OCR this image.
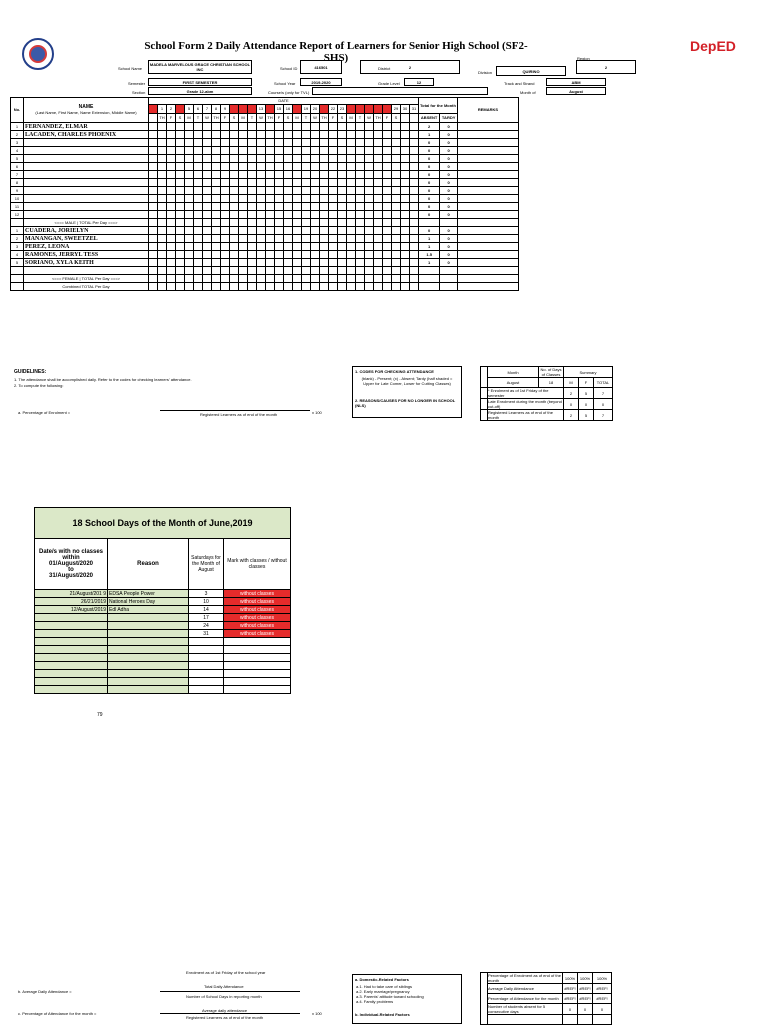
School Form 2 Daily Attendance Report of Learners for Senior High School (SF2-SHS)
DepED
School Name
MADELA MARVELOUS GRACE CHRISTIAN SCHOOL INC	School ID	416501	District	2
Division	QUIRINO
Region
2
Semester	FIRST SEMESTER	School Year	2019-2020	Grade Level	12	Track and Strand	ABM
Section	Grade 12-abm	Course/s (only for TVL)	Month of	August
No.	NAME
(Last Name, First Name, Name Extension, Middle Name)	DATE																														Total for the Month		REMARKS
			1	2		5	6	7	8	9				13		15	16		19	20		22	23						29	30	31			
			TH	F	S	M	T	W	TH	F	S	M	T	W	TH	F	S	M	T	W	TH	F	S	M	T	W	TH	F	S			ABSENT	TARDY	
1	FERNANDEZ, ELMAR																															2	0	
2	LACADEN, CHARLES PHOENIX																															1	0	
3																																0	0	
4																																0	0	
5																																0	0	
6																																0	0	
7																																0	0	
8																																0	0	
9																																0	0	
10																																0	0	
11																																0	0	
12																																0	0	
	<=== MALE | TOTAL Per Day ===>																																	
1	CUADERA, JORIELYN																															0	0	
2	MANANGAN, SWEETZEL																															1	0	
3	PEREZ, LEONA																															1	0	
4	RAMONES, JERRYL TESS																															1.5	0	
5	SORIANO, XYLA KEITH																															1	0	

	<=== FEMALE | TOTAL Per Day ===>																																	
	Combined TOTAL Per Day																																	
GUIDELINES:
1. The attendance shall be accomplished daily. Refer to the codes for checking learners' attendance.
2. To compute the following:
a. Percentage of Enrolment =	Registered Learners as of end of the month	x 100
1. CODES FOR CHECKING ATTENDANCE
(blank) - Present; (x) - Absent; Tardy (half shaded = Upper for Late Comer, Lower for Cutting Classes)
2. REASONS/CAUSES FOR NO LONGER IN SCHOOL (NLS)
	Month	No. of Days of Classes	Summary		
	August	18	M	F	TOTAL
	* Enrolment as of 1st Friday of the semester		2	5	7
	Late Enrolment during the month (beyond cut-off)		0	0	0
	Registered Learners as of end of the month		2	5	7
18 School Days of the Month of June,2019			

Date/s with no classes within
01/August/2020
to
31/August/2020	Reason	Saturdays for the Month of August	Mark with classes / without classes
21/August/201 9	EDSA People Power	3	without classes
26/21/2019	National Heroes Day	10	without classes
12/August/2019	Edl Adha	14	without classes
		17	without classes
		24	without classes
		31	without classes

79
Enrolment as of 1st Friday of the school year
b. Average Daily Attendance =
Total Daily Attendance
Number of School Days in reporting month
c. Percentage of Attendance for the month =
Average daily attendance
Registered Learners as of end of the month
x 100
a. Domestic-Related Factors
a.1. Had to take care of siblings
a.2. Early marriage/pregnancy
a.3. Parents' attitude toward schooling
a.4. Family problems
b. Individual-Related Factors
	Percentage of Enrolment as of end of the month	100%	100%	100%
	Average Daily Attendance	#REF!	#REF!	#REF!
	Percentage of Attendance for the month	#REF!	#REF!	#REF!
	Number of students absent for 5 consecutive days	0	0	0
